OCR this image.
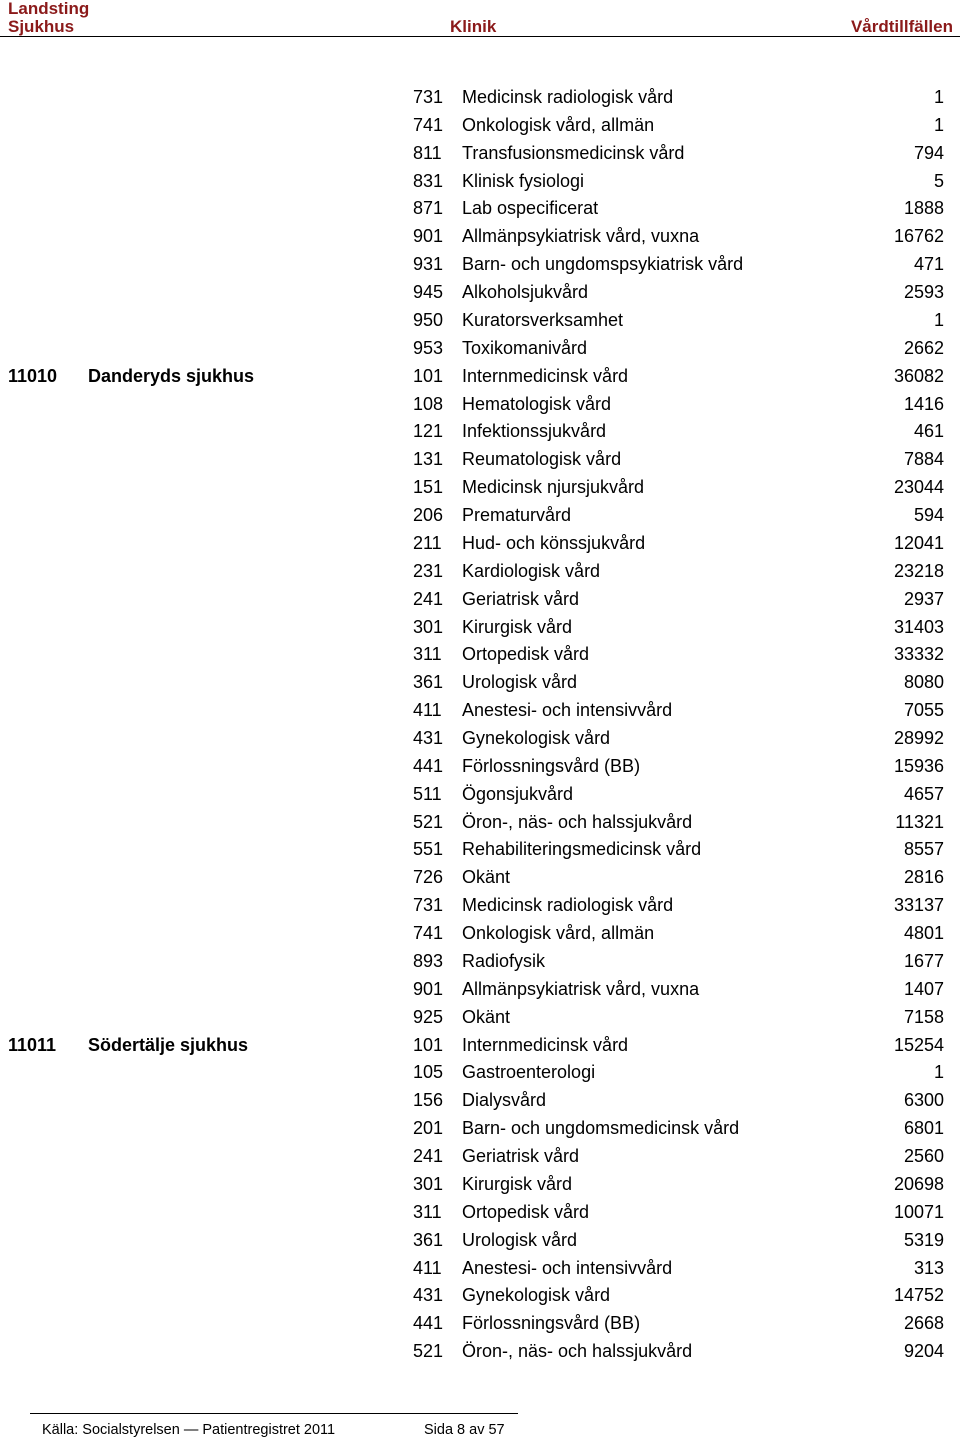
Landsting
Sjukhus	Klinik	Vårdtillfällen
731 Medicinsk radiologisk vård	1
741 Onkologisk vård, allmän	1
811 Transfusionsmedicinsk vård	794
831 Klinisk fysiologi	5
871 Lab ospecificerat	1888
901 Allmänpsykiatrisk vård, vuxna	16762
931 Barn- och ungdomspsykiatrisk vård	471
945 Alkoholsjukvård	2593
950 Kuratorsverksamhet	1
953 Toxikomanivård	2662
11010 Danderyds sjukhus	101 Internmedicinsk vård	36082
108 Hematologisk vård	1416
121 Infektionssjukvård	461
131 Reumatologisk vård	7884
151 Medicinsk njursjukvård	23044
206 Prematurvård	594
211 Hud- och könssjukvård	12041
231 Kardiologisk vård	23218
241 Geriatrisk vård	2937
301 Kirurgisk vård	31403
311 Ortopedisk vård	33332
361 Urologisk vård	8080
411 Anestesi- och intensivvård	7055
431 Gynekologisk vård	28992
441 Förlossningsvård (BB)	15936
511 Ögonsjukvård	4657
521 Öron-, näs- och halssjukvård	11321
551 Rehabiliteringsmedicinsk vård	8557
726 Okänt	2816
731 Medicinsk radiologisk vård	33137
741 Onkologisk vård, allmän	4801
893 Radiofysik	1677
901 Allmänpsykiatrisk vård, vuxna	1407
925 Okänt	7158
11011 Södertälje sjukhus	101 Internmedicinsk vård	15254
105 Gastroenterologi	1
156 Dialysvård	6300
201 Barn- och ungdomsmedicinsk vård	6801
241 Geriatrisk vård	2560
301 Kirurgisk vård	20698
311 Ortopedisk vård	10071
361 Urologisk vård	5319
411 Anestesi- och intensivvård	313
431 Gynekologisk vård	14752
441 Förlossningsvård (BB)	2668
521 Öron-, näs- och halssjukvård	9204
Källa: Socialstyrelsen — Patientregistret 2011	Sida 8 av 57
